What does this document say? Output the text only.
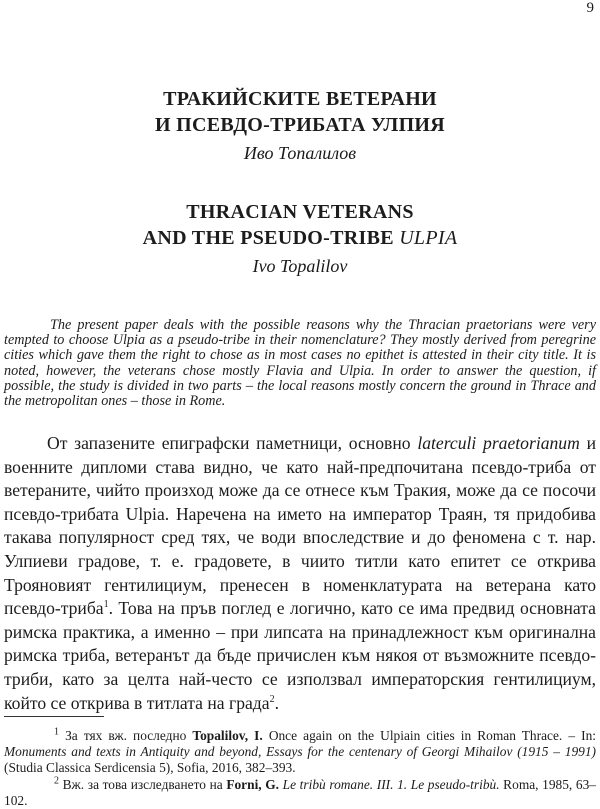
9
ТРАКИЙСКИТЕ ВЕТЕРАНИ
И ПСЕВДО-ТРИБАТА УЛПИЯ
Иво Топалилов
THRACIAN VETERANS
AND THE PSEUDO-TRIBE ULPIA
Ivo Topalilov
The present paper deals with the possible reasons why the Thracian praetorians were very tempted to choose Ulpia as a pseudo-tribe in their nomenclature? They mostly derived from peregrine cities which gave them the right to chose as in most cases no epithet is attested in their city title. It is noted, however, the veterans chose mostly Flavia and Ulpia. In order to answer the question, if possible, the study is divided in two parts – the local reasons mostly concern the ground in Thrace and the metropolitan ones – those in Rome.
От запазените епиграфски паметници, основно laterculi praetorianum и военните дипломи става видно, че като най-предпочитана псевдо-триба от ветераните, чийто произход може да се отнесе към Тракия, може да се посочи псевдо-трибата Ulpia. Наречена на името на император Траян, тя придобива такава популярност сред тях, че води впоследствие и до феномена с т. нар. Улпиеви градове, т. е. градовете, в чиито титли като епитет се открива Трояновият гентилициум, пренесен в номенклатурата на ветерана като псевдо-триба$^1$. Това на пръв поглед е логично, като се има предвид основната римска практика, а именно – при липсата на принадлежност към оригинална римска триба, ветеранът да бъде причислен към някоя от възможните псевдо-триби, като за целта най-често се използвал императорския гентилициум, който се открива в титлата на града$^2$.

$^1$ За тях вж. последно Topalilov, I. Once again on the Ulpiain cities in Roman Thrace. – In: Monuments and texts in Antiquity and beyond, Essays for the centenary of Georgi Mihailov (1915 – 1991) (Studia Classica Serdicensia 5), Sofia, 2016, 382–393.

$^2$ Вж. за това изследването на Forni, G. Le tribù romane. III. 1. Le pseudo-tribù. Roma, 1985, 63–102.
